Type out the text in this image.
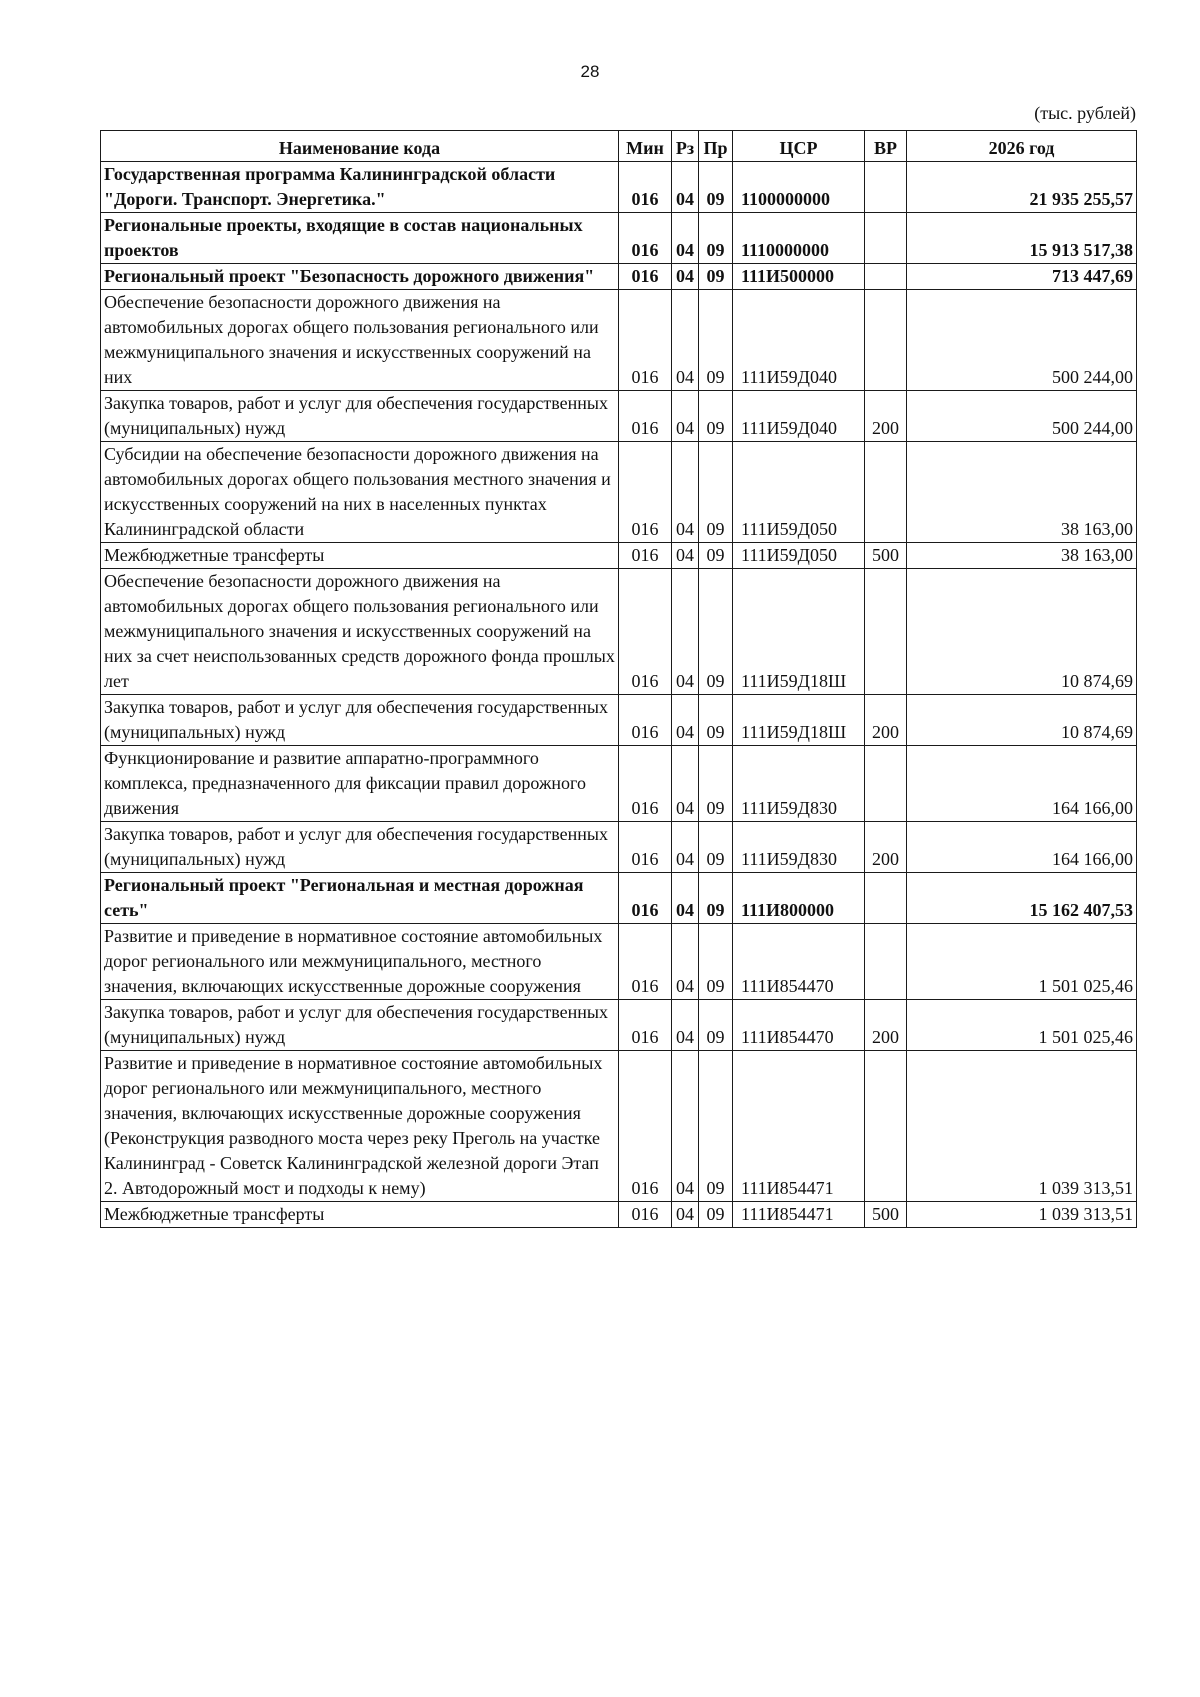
28
(тыс. рублей)
Наименование кода	Мин	Рз	Пр	ЦСР	ВР	2026 год
Государственная программа Калининградской области "Дороги. Транспорт. Энергетика."	016	04	09	1100000000		21 935 255,57
Региональные проекты, входящие в состав национальных проектов	016	04	09	1110000000		15 913 517,38
Региональный проект "Безопасность дорожного движения"	016	04	09	111И500000		713 447,69
Обеспечение безопасности дорожного движения на автомобильных дорогах общего пользования регионального или межмуниципального значения и искусственных сооружений на них	016	04	09	111И59Д040		500 244,00
Закупка товаров, работ и услуг для обеспечения государственных (муниципальных) нужд	016	04	09	111И59Д040	200	500 244,00
Субсидии на обеспечение безопасности дорожного движения на автомобильных дорогах общего пользования местного значения и искусственных сооружений на них в населенных пунктах Калининградской области	016	04	09	111И59Д050		38 163,00
Межбюджетные трансферты	016	04	09	111И59Д050	500	38 163,00
Обеспечение безопасности дорожного движения на автомобильных дорогах общего пользования регионального или межмуниципального значения и искусственных сооружений на них за счет неиспользованных средств дорожного фонда прошлых лет	016	04	09	111И59Д18Ш		10 874,69
Закупка товаров, работ и услуг для обеспечения государственных (муниципальных) нужд	016	04	09	111И59Д18Ш	200	10 874,69
Функционирование и развитие аппаратно-программного комплекса, предназначенного для фиксации правил дорожного движения	016	04	09	111И59Д830		164 166,00
Закупка товаров, работ и услуг для обеспечения государственных (муниципальных) нужд	016	04	09	111И59Д830	200	164 166,00
Региональный проект "Региональная и местная дорожная сеть"	016	04	09	111И800000		15 162 407,53
Развитие и приведение в нормативное состояние автомобильных дорог регионального или межмуниципального, местного значения, включающих искусственные дорожные сооружения	016	04	09	111И854470		1 501 025,46
Закупка товаров, работ и услуг для обеспечения государственных (муниципальных) нужд	016	04	09	111И854470	200	1 501 025,46
Развитие и приведение в нормативное состояние автомобильных дорог регионального или межмуниципального, местного значения, включающих искусственные дорожные сооружения (Реконструкция разводного моста через реку Преголь на участке Калининград - Советск Калининградской железной дороги Этап 2. Автодорожный мост и подходы к нему)	016	04	09	111И854471		1 039 313,51
Межбюджетные трансферты	016	04	09	111И854471	500	1 039 313,51
